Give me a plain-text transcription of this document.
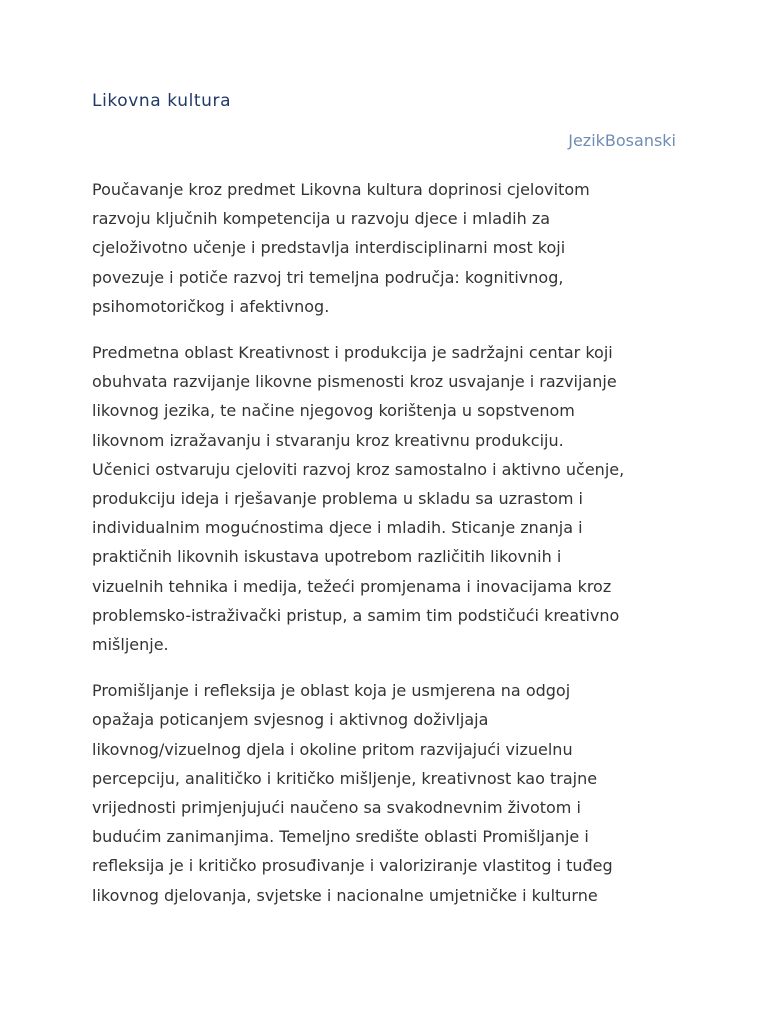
Likovna kultura
JezikBosanski

Poučavanje kroz predmet Likovna kultura doprinosi cjelovitom
razvoju ključnih kompetencija u razvoju djece i mladih za
cjeloživotno učenje i predstavlja interdisciplinarni most koji
povezuje i potiče razvoj tri temeljna područja: kognitivnog,
psihomotoričkog i afektivnog.

Predmetna oblast Kreativnost i produkcija je sadržajni centar koji
obuhvata razvijanje likovne pismenosti kroz usvajanje i razvijanje
likovnog jezika, te načine njegovog korištenja u sopstvenom
likovnom izražavanju i stvaranju kroz kreativnu produkciju.
Učenici ostvaruju cjeloviti razvoj kroz samostalno i aktivno učenje,
produkciju ideja i rješavanje problema u skladu sa uzrastom i
individualnim mogućnostima djece i mladih. Sticanje znanja i
praktičnih likovnih iskustava upotrebom različitih likovnih i
vizuelnih tehnika i medija, težeći promjenama i inovacijama kroz
problemsko-istraživački pristup, a samim tim podstičući kreativno
mišljenje.

Promišljanje i refleksija je oblast koja je usmjerena na odgoj
opažaja poticanjem svjesnog i aktivnog doživljaja
likovnog/vizuelnog djela i okoline pritom razvijajući vizuelnu
percepciju, analitičko i kritičko mišljenje, kreativnost kao trajne
vrijednosti primjenjujući naučeno sa svakodnevnim životom i
budućim zanimanjima. Temeljno središte oblasti Promišljanje i
refleksija je i kritičko prosuđivanje i valoriziranje vlastitog i tuđeg
likovnog djelovanja, svjetske i nacionalne umjetničke i kulturne
